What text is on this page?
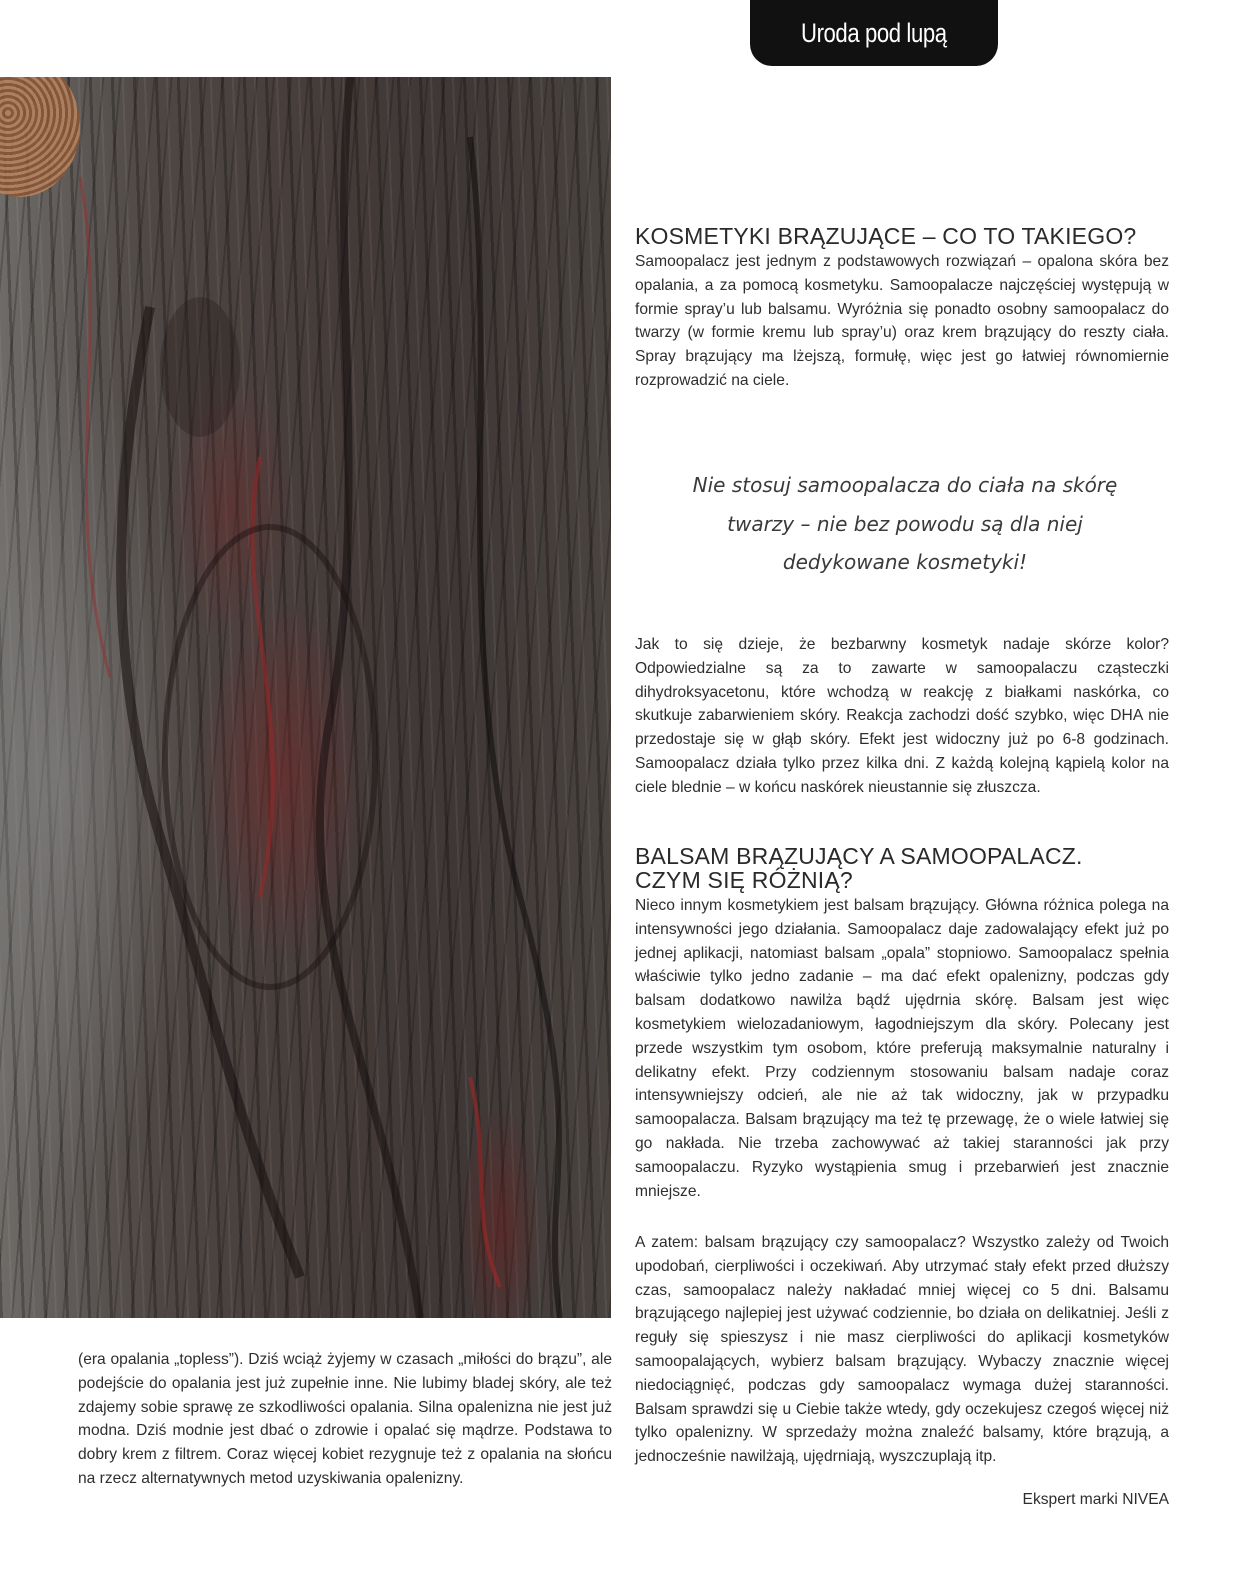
Uroda pod lupą
KOSMETYKI BRĄZUJĄCE – CO TO TAKIEGO?

Samoopalacz jest jednym z podstawowych rozwiązań – opalona skóra bez opalania, a za pomocą kosmetyku. Samoopalacze najczęściej występują w formie spray’u lub balsamu. Wyróżnia się ponadto osobny samoopalacz do twarzy (w formie kremu lub spray’u) oraz krem brązujący do reszty ciała. Spray brązujący ma lżejszą, formułę, więc jest go łatwiej równomiernie rozprowadzić na ciele.

Nie stosuj samoopalacza do ciała na skórę twarzy – nie bez powodu są dla niej dedykowane kosmetyki!

Jak to się dzieje, że bezbarwny kosmetyk nadaje skórze kolor? Odpowiedzialne są za to zawarte w samoopalaczu cząsteczki dihydroksyacetonu, które wchodzą w reakcję z białkami naskórka, co skutkuje zabarwieniem skóry. Reakcja zachodzi dość szybko, więc DHA nie przedostaje się w głąb skóry. Efekt jest widoczny już po 6-8 godzinach. Samoopalacz działa tylko przez kilka dni. Z każdą kolejną kąpielą kolor na ciele blednie – w końcu naskórek nieustannie się złuszcza.

BALSAM BRĄZUJĄCY A SAMOOPALACZ.
CZYM SIĘ RÓŻNIĄ?

Nieco innym kosmetykiem jest balsam brązujący. Główna różnica polega na intensywności jego działania. Samoopalacz daje zadowalający efekt już po jednej aplikacji, natomiast balsam „opala” stopniowo. Samoopalacz spełnia właściwie tylko jedno zadanie – ma dać efekt opalenizny, podczas gdy balsam dodatkowo nawilża bądź ujędrnia skórę. Balsam jest więc kosmetykiem wielozadaniowym, łagodniejszym dla skóry. Polecany jest przede wszystkim tym osobom, które preferują maksymalnie naturalny i delikatny efekt. Przy codziennym stosowaniu balsam nadaje coraz intensywniejszy odcień, ale nie aż tak widoczny, jak w przypadku samoopalacza. Balsam brązujący ma też tę przewagę, że o wiele łatwiej się go nakłada. Nie trzeba zachowywać aż takiej staranności jak przy samoopalaczu. Ryzyko wystąpienia smug i przebarwień jest znacznie mniejsze.

A zatem: balsam brązujący czy samoopalacz? Wszystko zależy od Twoich upodobań, cierpliwości i oczekiwań. Aby utrzymać stały efekt przed dłuższy czas, samoopalacz należy nakładać mniej więcej co 5 dni. Balsamu brązującego najlepiej jest używać codziennie, bo działa on delikatniej. Jeśli z reguły się spieszysz i nie masz cierpliwości do aplikacji kosmetyków samoopalających, wybierz balsam brązujący. Wybaczy znacznie więcej niedociągnięć, podczas gdy samoopalacz wymaga dużej staranności. Balsam sprawdzi się u Ciebie także wtedy, gdy oczekujesz czegoś więcej niż tylko opalenizny. W sprzedaży można znaleźć balsamy, które brązują, a jednocześnie nawilżają, ujędrniają, wyszczuplają itp.

(era opalania „topless”). Dziś wciąż żyjemy w czasach „miłości do brązu”, ale podejście do opalania jest już zupełnie inne. Nie lubimy bladej skóry, ale też zdajemy sobie sprawę ze szkodliwości opalania. Silna opalenizna nie jest już modna. Dziś modnie jest dbać o zdrowie i opalać się mądrze. Podstawa to dobry krem z filtrem. Coraz więcej kobiet rezygnuje też z opalania na słońcu na rzecz alternatywnych metod uzyskiwania opalenizny.

Ekspert marki NIVEA
